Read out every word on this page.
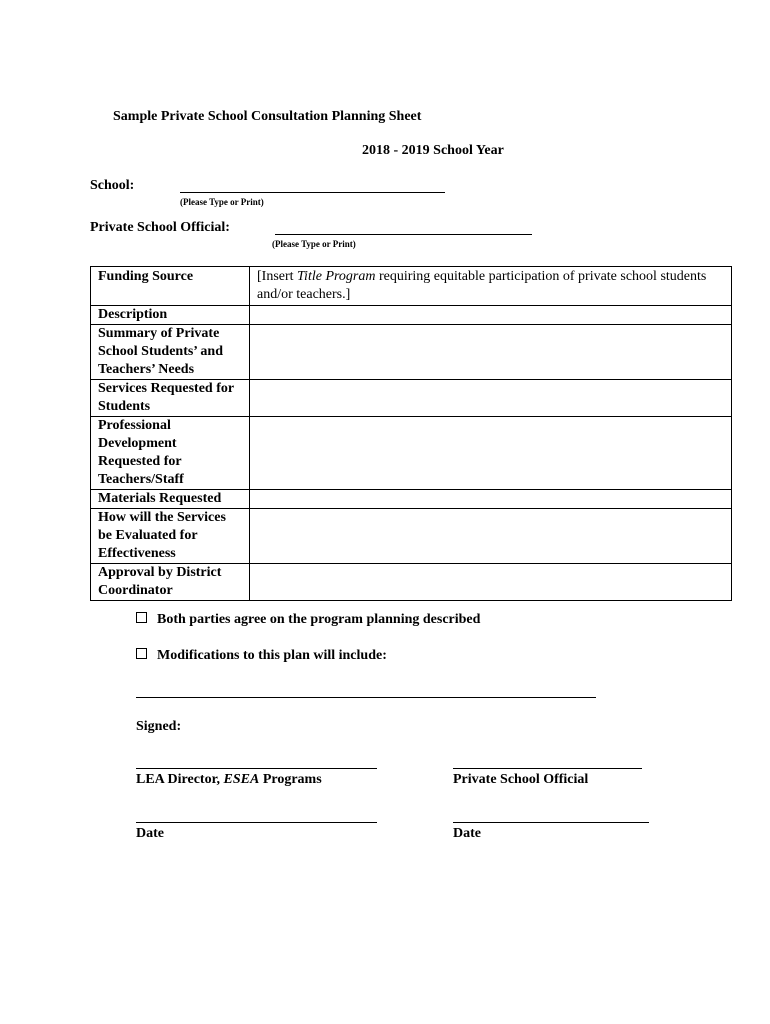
Sample Private School Consultation Planning Sheet
2018 - 2019 School Year
School:
(Please Type or Print)
Private School Official:
(Please Type or Print)
Funding Source	[Insert Title Program requiring equitable participation of private school students and/or teachers.]
Description	
Summary of Private School Students’ and Teachers’ Needs	
Services Requested for Students	
Professional Development Requested for Teachers/Staff	
Materials Requested	
How will the Services be Evaluated for Effectiveness	
Approval by District Coordinator	
Both parties agree on the program planning described
Modifications to this plan will include:
Signed:
LEA Director, ESEA Programs	Private School Official
Date	Date
